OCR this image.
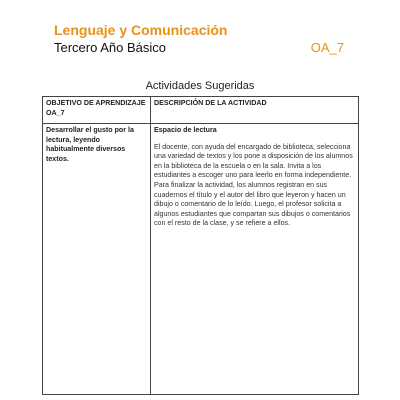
Lenguaje y Comunicación
Tercero Año Básico	OA_7
Actividades Sugeridas
OBJETIVO DE APRENDIZAJE OA_7	DESCRIPCIÓN DE LA ACTIVIDAD

Desarrollar el gusto por la lectura, leyendo habitualmente diversos textos.	Espacio de lectura
El docente, con ayuda del encargado de biblioteca, selecciona una variedad de textos y los pone a disposición de los alumnos en la biblioteca de la escuela o en la sala. Invita a los estudiantes a escoger uno para leerlo en forma independiente. Para finalizar la actividad, los alumnos registran en sus cuadernos el título y el autor del libro que leyeron y hacen un dibujo o comentario de lo leído. Luego, el profesor solicita a algunos estudiantes que compartan sus dibujos o comentarios con el resto de la clase, y se refiere a ellos.
